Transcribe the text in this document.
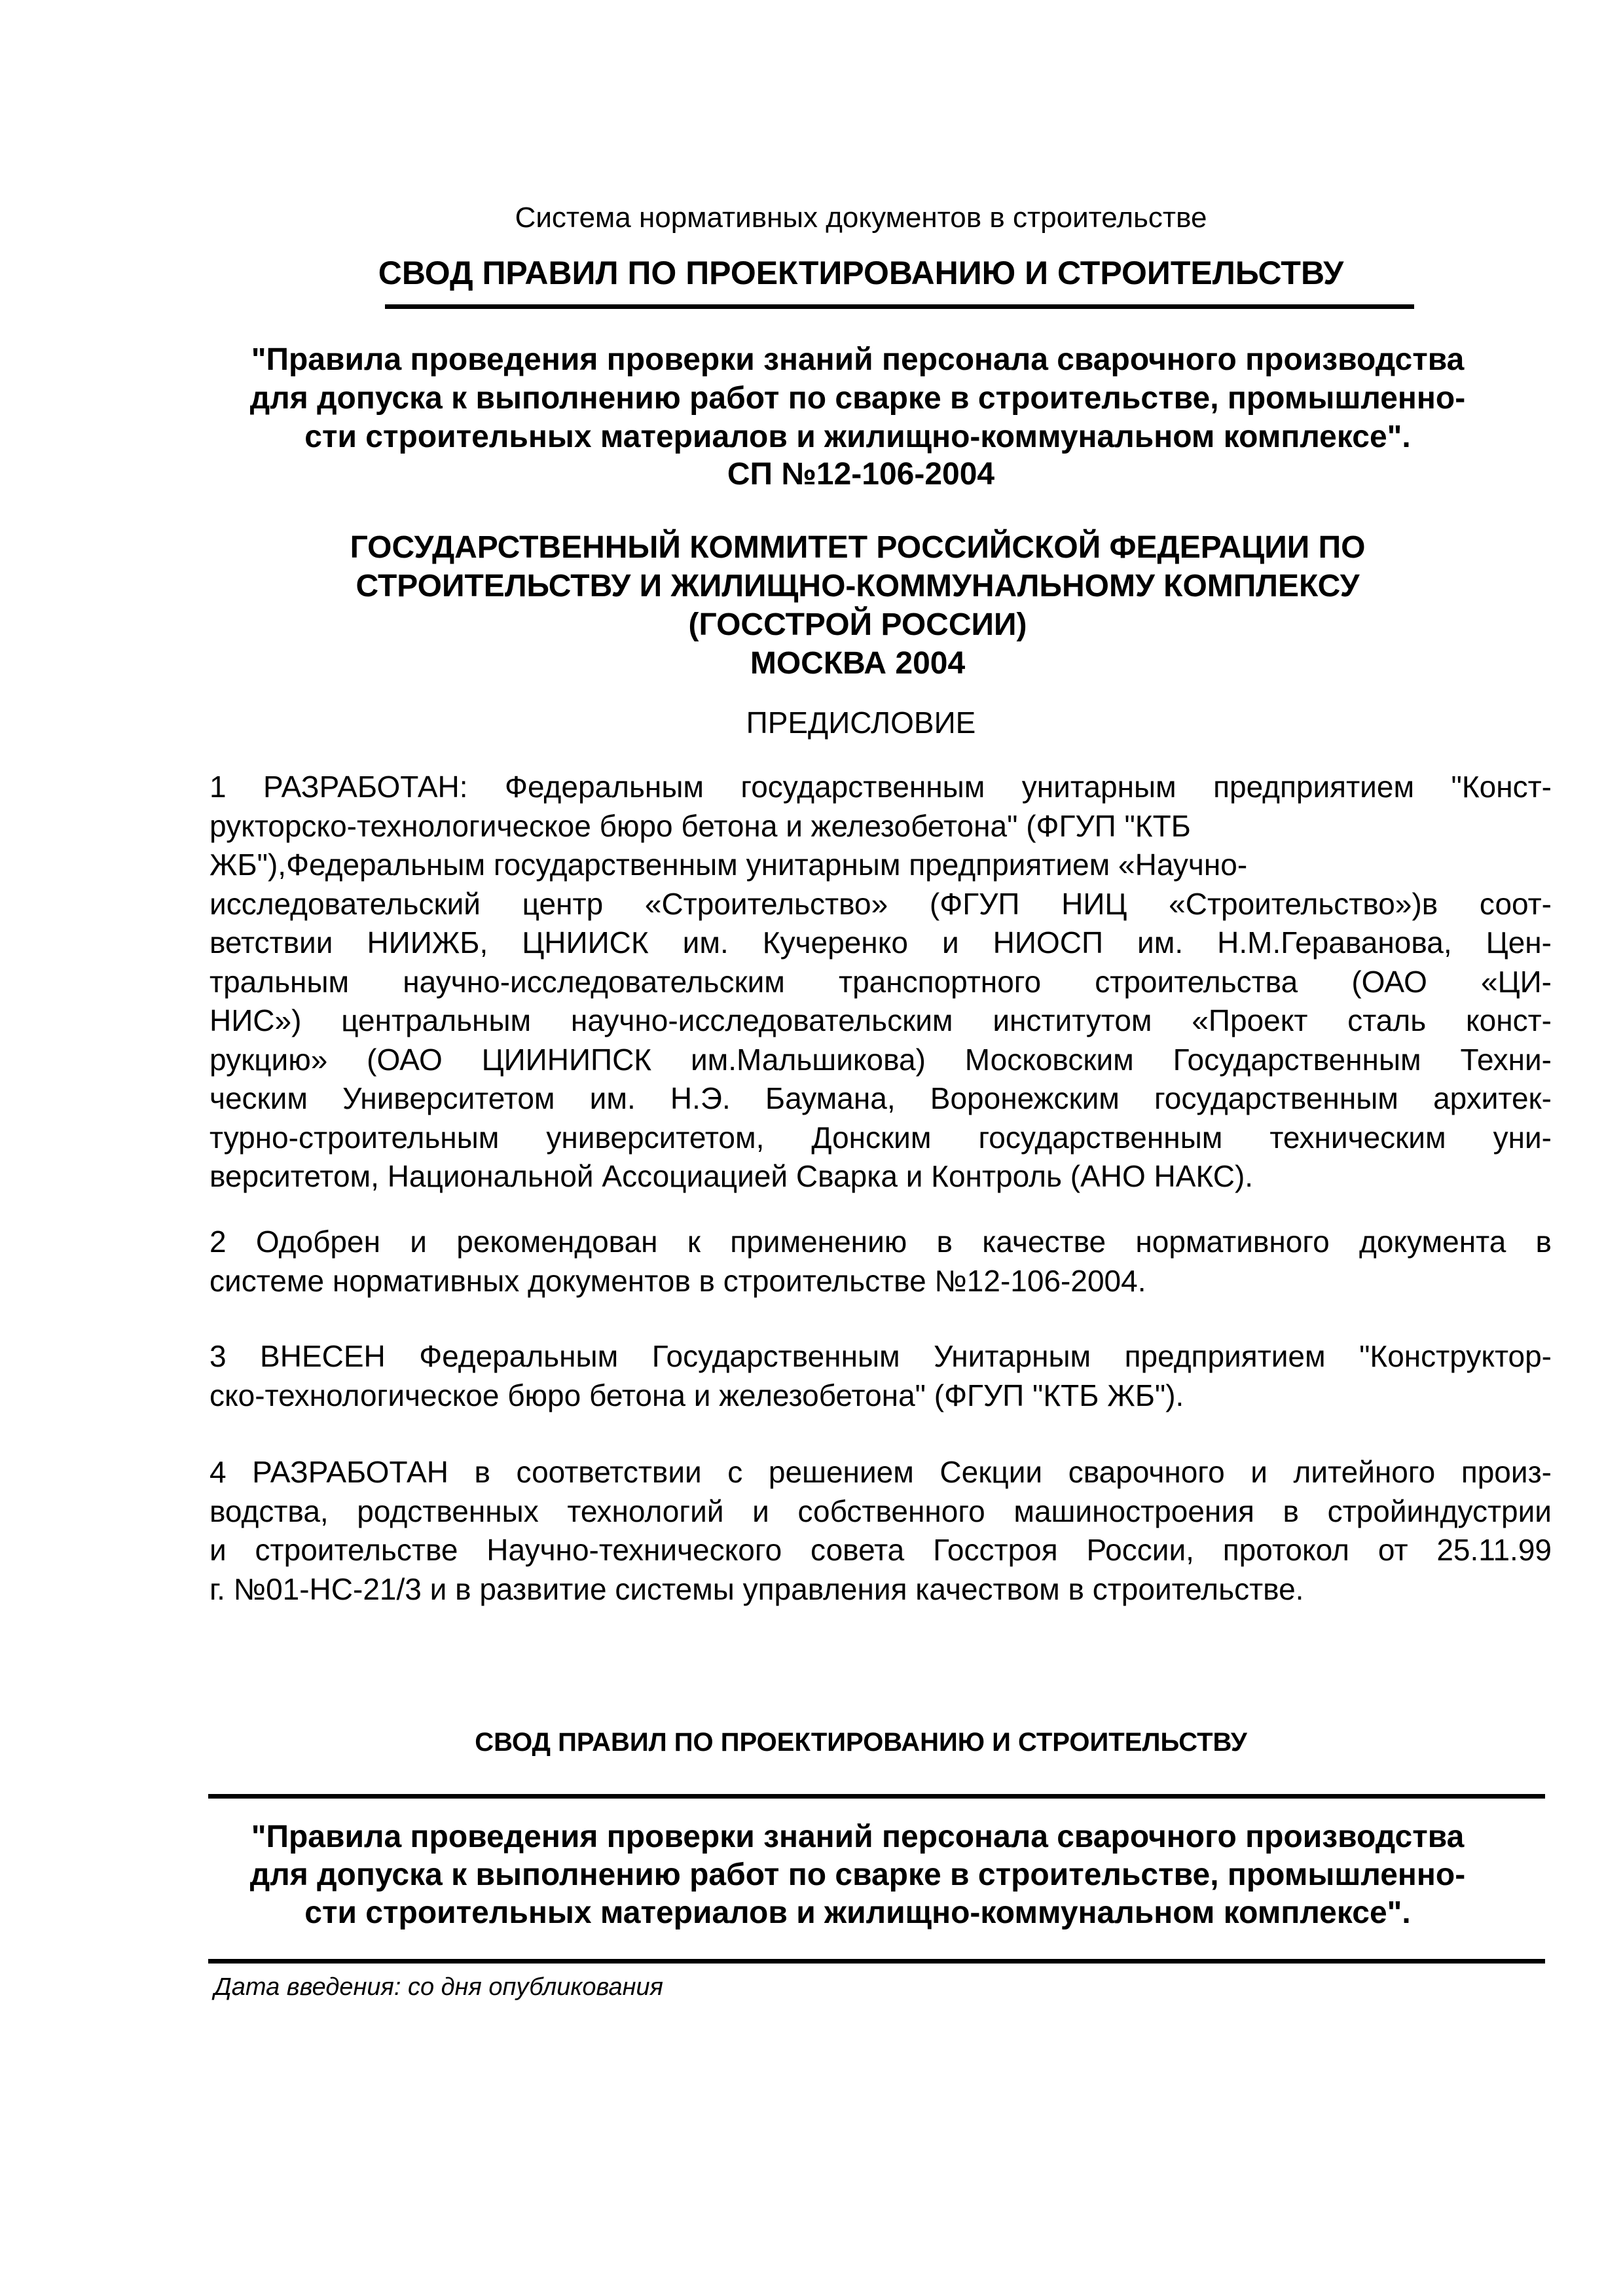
Система нормативных документов в строительстве
СВОД ПРАВИЛ ПО ПРОЕКТИРОВАНИЮ И СТРОИТЕЛЬСТВУ
"Правила проведения проверки знаний персонала сварочного производства
для допуска к выполнению работ по сварке в строительстве, промышленно-
сти строительных материалов и жилищно-коммунальном комплексе".
СП №12-106-2004
ГОСУДАРСТВЕННЫЙ КОММИТЕТ РОССИЙСКОЙ ФЕДЕРАЦИИ ПО
СТРОИТЕЛЬСТВУ И ЖИЛИЩНО-КОММУНАЛЬНОМУ КОМПЛЕКСУ
(ГОССТРОЙ РОССИИ)
МОСКВА 2004
ПРЕДИСЛОВИЕ
1 РАЗРАБОТАН: Федеральным государственным унитарным предприятием "Конст-
рукторско-технологическое бюро бетона и железобетона" (ФГУП "КТБ
ЖБ"),Федеральным государственным унитарным предприятием «Научно-
исследовательский центр «Строительство» (ФГУП НИЦ «Строительство»)в соот-
ветствии НИИЖБ, ЦНИИСК им. Кучеренко и НИОСП им. Н.М.Гераванова, Цен-
тральным научно-исследовательским транспортного строительства (ОАО «ЦИ-
НИС») центральным научно-исследовательским институтом «Проект сталь конст-
рукцию» (ОАО ЦИИНИПСК им.Мальшикова) Московским Государственным Техни-
ческим Университетом им. Н.Э. Баумана, Воронежским государственным архитек-
турно-строительным университетом, Донским государственным техническим уни-
верситетом, Национальной Ассоциацией Сварка и Контроль (АНО НАКС).
2 Одобрен и рекомендован к применению в качестве нормативного документа в
системе нормативных документов в строительстве №12-106-2004.
3 ВНЕСЕН Федеральным Государственным Унитарным предприятием "Конструктор-
ско-технологическое бюро бетона и железобетона" (ФГУП "КТБ ЖБ").
4 РАЗРАБОТАН в соответствии с решением Секции сварочного и литейного произ-
водства, родственных технологий и собственного машиностроения в стройиндустрии
и строительстве Научно-технического совета Госстроя России, протокол от 25.11.99
г. №01-НС-21/3 и в развитие системы управления качеством в строительстве.
СВОД ПРАВИЛ ПО ПРОЕКТИРОВАНИЮ И СТРОИТЕЛЬСТВУ
"Правила проведения проверки знаний персонала сварочного производства
для допуска к выполнению работ по сварке в строительстве, промышленно-
сти строительных материалов и жилищно-коммунальном комплексе".
Дата введения: со дня опубликования
